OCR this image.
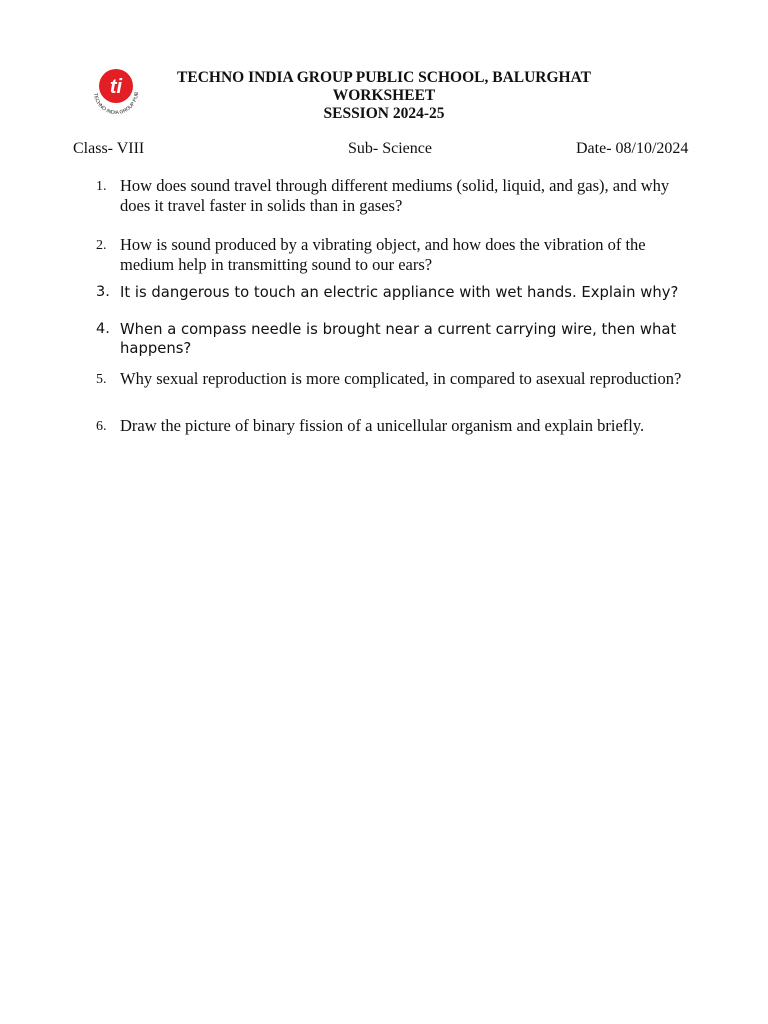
ti
TECHNO INDIA GROUP PUB
TECHNO INDIA GROUP PUBLIC SCHOOL, BALURGHAT
WORKSHEET
SESSION 2024-25
Class- VIII	Sub- Science	Date- 08/10/2024
1. How does sound travel through different mediums (solid, liquid, and gas), and why does it travel faster in solids than in gases?
2. How is sound produced by a vibrating object, and how does the vibration of the medium help in transmitting sound to our ears?
3. It is dangerous to touch an electric appliance with wet hands. Explain why?
4. When a compass needle is brought near a current carrying wire, then what happens?
5. Why sexual reproduction is more complicated, in compared to asexual reproduction?
6. Draw the picture of binary fission of a unicellular organism and explain briefly.
